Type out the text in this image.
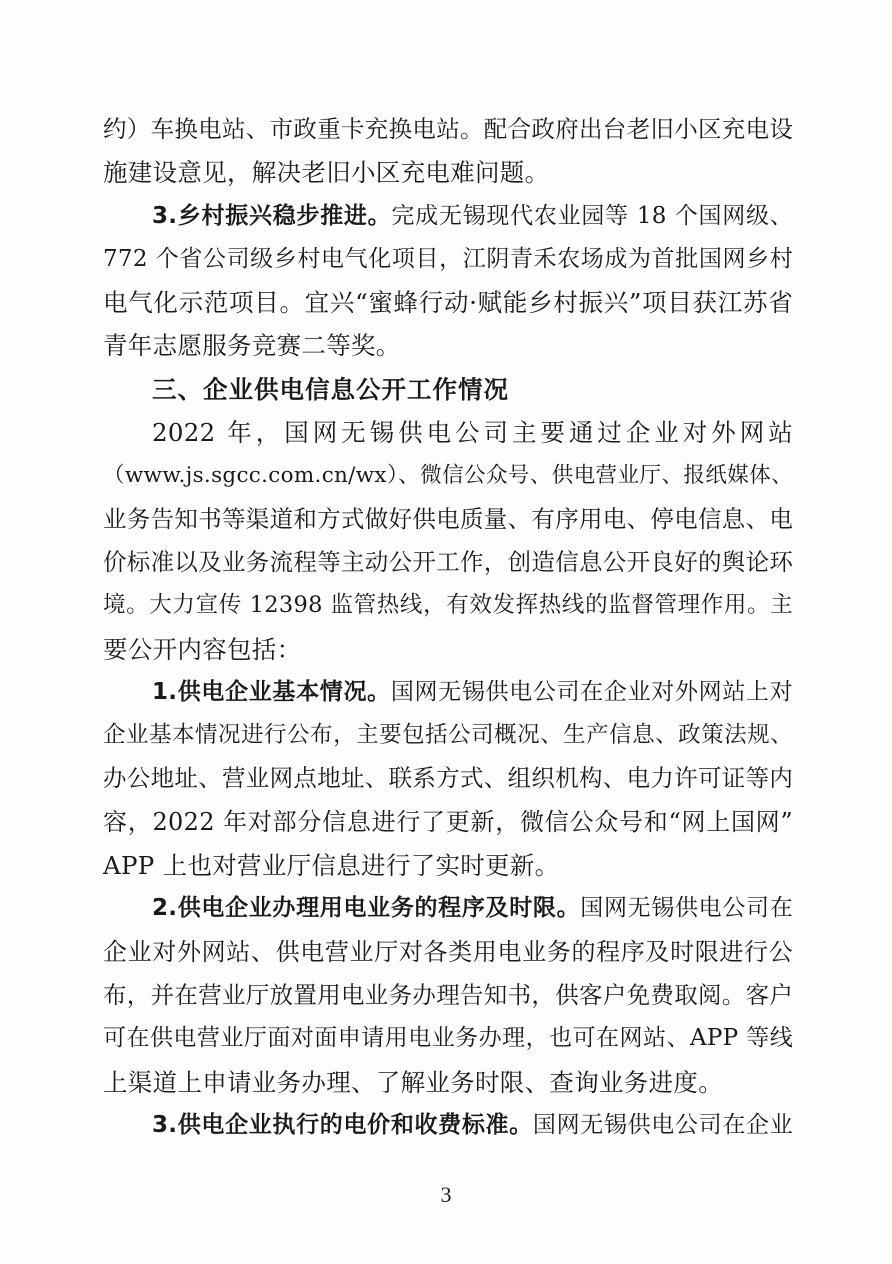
约）车换电站、市政重卡充换电站。配合政府出台老旧小区充电设
施建设意见，解决老旧小区充电难问题。
3.乡村振兴稳步推进。完成无锡现代农业园等 18 个国网级、
772 个省公司级乡村电气化项目，江阴青禾农场成为首批国网乡村
电气化示范项目。宜兴“蜜蜂行动·赋能乡村振兴”项目获江苏省
青年志愿服务竞赛二等奖。
三、企业供电信息公开工作情况
2022 年，国网无锡供电公司主要通过企业对外网站
（www.js.sgcc.com.cn/wx）、微信公众号、供电营业厅、报纸媒体、
业务告知书等渠道和方式做好供电质量、有序用电、停电信息、电
价标准以及业务流程等主动公开工作，创造信息公开良好的舆论环
境。大力宣传 12398 监管热线，有效发挥热线的监督管理作用。主
要公开内容包括：
1.供电企业基本情况。国网无锡供电公司在企业对外网站上对
企业基本情况进行公布，主要包括公司概况、生产信息、政策法规、
办公地址、营业网点地址、联系方式、组织机构、电力许可证等内
容，2022 年对部分信息进行了更新，微信公众号和“网上国网”
APP 上也对营业厅信息进行了实时更新。
2.供电企业办理用电业务的程序及时限。国网无锡供电公司在
企业对外网站、供电营业厅对各类用电业务的程序及时限进行公
布，并在营业厅放置用电业务办理告知书，供客户免费取阅。客户
可在供电营业厅面对面申请用电业务办理，也可在网站、APP 等线
上渠道上申请业务办理、了解业务时限、查询业务进度。
3.供电企业执行的电价和收费标准。国网无锡供电公司在企业
3
